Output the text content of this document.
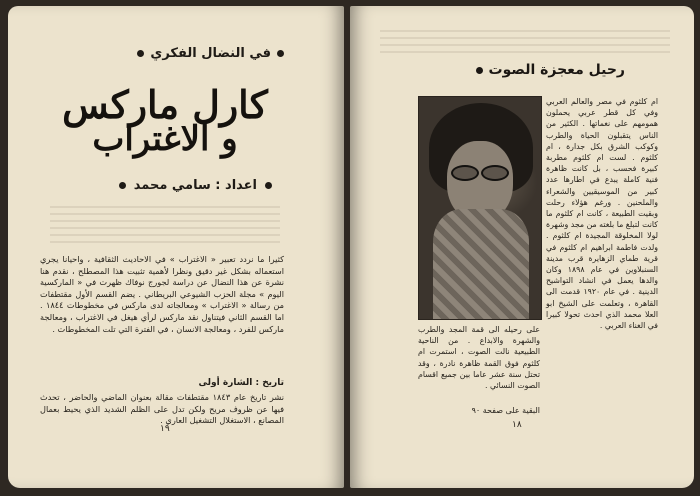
في النضال الفكري
كارل ماركس
و الاغتراب
اعداد : سامي محمد
كثيرا ما نردد تعبير « الاغتراب » في الاحاديث الثقافية ، واحيانا يجري استعماله بشكل غير دقيق ونظرا لأهمية تثبيت هذا المصطلح ، نقدم هنا نشرة عن هذا النضال عن دراسة لجورج نوفاك ظهرت في « الماركسية اليوم » مجلة الحزب الشيوعي البريطاني . يضم القسم الأول مقتطفات من رسالة « الاغتراب » ومعالجاته لدى ماركس في مخطوطات ١٨٤٤ . اما القسم الثاني فيتناول نقد ماركس لرأي هيغل في الاغتراب ، ومعالجة ماركس للفرد ، ومعالجة الانسان ، في الفترة التي تلت المخطوطات .
تاريخ : الشارة أولى
نشر تاريخ عام ١٨٤٣ مقتطفات مقالة بعنوان الماضي والحاضر ، تحدث فيها عن ظروف مريح ولكن تدل على الظلم الشديد الذي يحيط بعمال المصانع ، الاستغلال التشغيل العاري .
١٩
رحيل معجزة الصوت
ام كلثوم في مصر والعالم العربي وفي كل قطر عربي يحملون همومهم على نغماتها . الكثير من الناس يتقبلون الحياة والطرب وكوكب الشرق بكل جدارة ، ام كلثوم . لست ام كلثوم مطربة كبيرة فحسب ، بل كانت ظاهرة فنية كاملة يبدع في اطارها عدد كبير من الموسيقيين والشعراء والملحنين . ورغم هؤلاء رحلت وبقيت الطبيعة ، كانت ام كلثوم ما كانت لتبلغ ما بلغته من مجد وشهرة لولا المخلوقة المجيدة ام كلثوم . ولدت فاطمة ابراهيم ام كلثوم في قرية طماي الزهايرة قرب مدينة السنبلاوين في عام ١٨٩٨ وكان والدها يعمل في انشاد التواشيح الدينية . في عام ١٩٢٠ قدمت الى القاهرة ، وتعلمت على الشيخ ابو العلا محمد الذي احدث تحولا كبيرا في الغناء العربي .
على رحيله الى قمة المجد والطرب والشهرة والابداع . من الناحية الطبيعية نالت الصوت ، استمرت ام كلثوم فوق القمة ظاهرة نادرة ، وقد تحتل سنة عشر عاما بين جميع اقسام الصوت النسائي .
البقية على صفحة ٩٠
١٨
